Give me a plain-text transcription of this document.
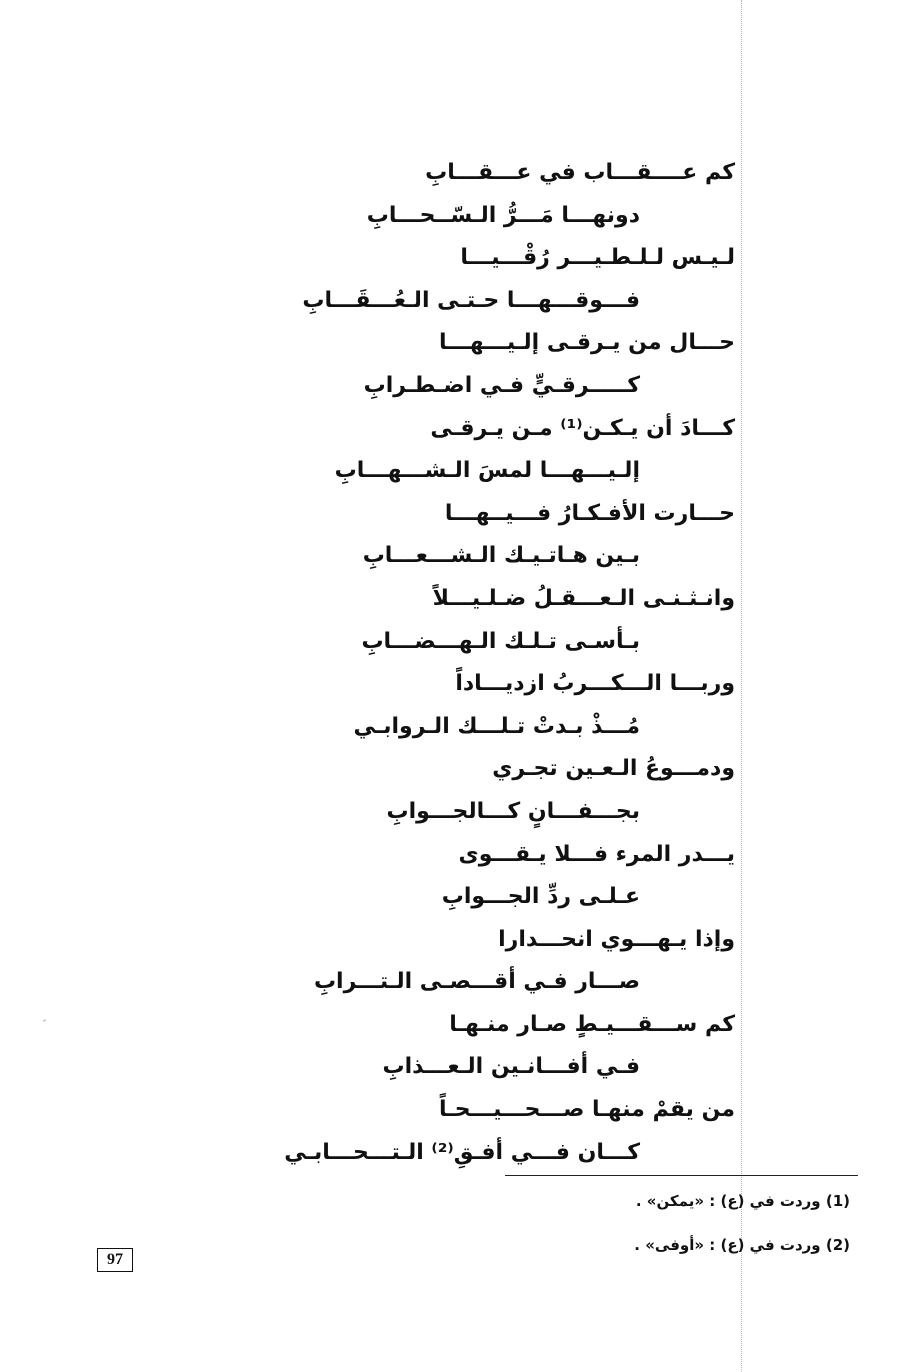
كم عــــقـــاب في عـــقـــابِ
دونهـــا مَـــرُّ الـسّــحـــابِ
لـيـس لـلـطـيـــر رُقْـــيـــا
فـــوقـــهـــا حـتـى الـعُـــقَـــابِ
حـــال من يـرقـى إلـيـــهـــا
كـــــرقـيٍّ فـي اضـطـرابِ
كـــادَ أن يـكـن⁽¹⁾ مـن يـرقـى
إلـيـــهـــا لمسَ الـشـــهـــابِ
حـــارت الأفـكـارُ فـــيــهـــا
بـين هـاتـيـك الـشـــعـــابِ
وانـثـنـى الـعـــقـلُ ضـلـيـــلاً
بـأسـى تـلـك الـهـــضـــابِ
وربـــا الـــكـــربُ ازديـــاداً
مُـــذْ بـدتْ تـلـــك الـروابـي
ودمـــوعُ الـعـين تجـري
بجـــفـــانٍ كـــالجـــوابِ
يـــدر المرء فـــلا يـقـــوى
عـلـى ردِّ الجـــوابِ
وإذا يـهـــوي انحـــدارا
صـــار فـي أقـــصـى الـتـــرابِ
كم ســـقـــيـطٍ صـار منـهـا
فـي أفـــانـين الـعـــذابِ
من يقمْ منهـا صـــحـــيـــحـاً
كـــان فـــي أفـقِ⁽²⁾ الـتـــحـــابـي
(1) وردت في (ع) : «يمكن» .
(2) وردت في (ع) : «أوفى» .
97
